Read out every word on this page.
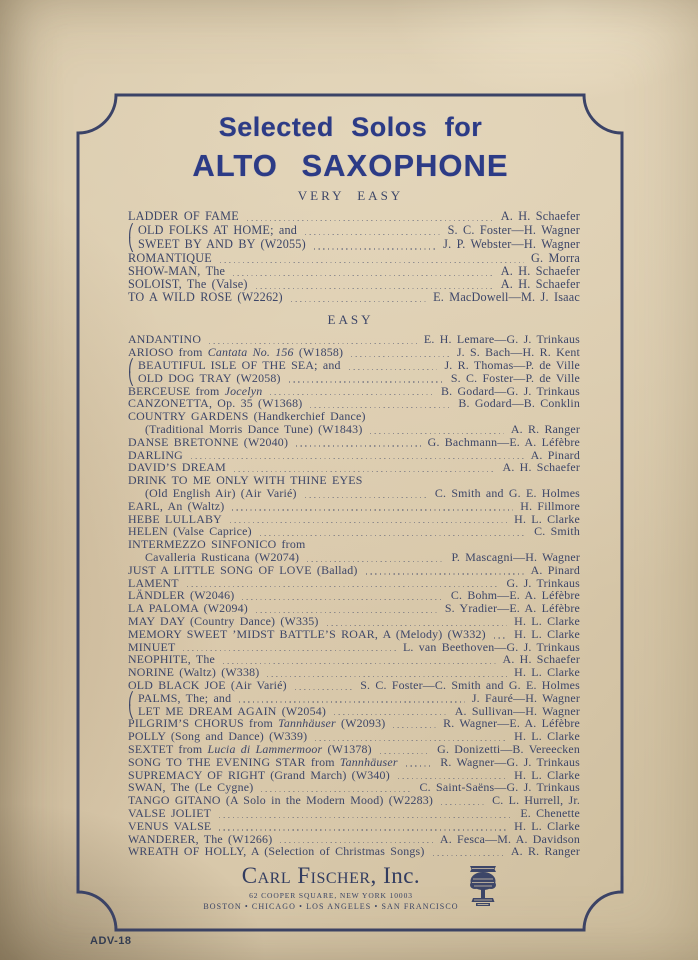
Selected Solos for
ALTO SAXOPHONE
VERY EASY
LADDER OF FAME	A. H. Schaefer
⎛ OLD FOLKS AT HOME; and	S. C. Foster—H. Wagner
⎝ SWEET BY AND BY (W2055)	J. P. Webster—H. Wagner
ROMANTIQUE	G. Morra
SHOW-MAN, The	A. H. Schaefer
SOLOIST, The (Valse)	A. H. Schaefer
TO A WILD ROSE (W2262)	E. MacDowell—M. J. Isaac
EASY
ANDANTINO	E. H. Lemare—G. J. Trinkaus
ARIOSO from Cantata No. 156 (W1858)	J. S. Bach—H. R. Kent
⎛ BEAUTIFUL ISLE OF THE SEA; and	J. R. Thomas—P. de Ville
⎝ OLD DOG TRAY (W2058)	S. C. Foster—P. de Ville
BERCEUSE from Jocelyn	B. Godard—G. J. Trinkaus
CANZONETTA, Op. 35 (W1368)	B. Godard—B. Conklin
COUNTRY GARDENS (Handkerchief Dance)
(Traditional Morris Dance Tune) (W1843)	A. R. Ranger
DANSE BRETONNE (W2040)	G. Bachmann—E. A. Léfèbre
DARLING	A. Pinard
DAVID’S DREAM	A. H. Schaefer
DRINK TO ME ONLY WITH THINE EYES
(Old English Air) (Air Varié)	C. Smith and G. E. Holmes
EARL, An (Waltz)	H. Fillmore
HEBE LULLABY	H. L. Clarke
HELEN (Valse Caprice)	C. Smith
INTERMEZZO SINFONICO from
Cavalleria Rusticana (W2074)	P. Mascagni—H. Wagner
JUST A LITTLE SONG OF LOVE (Ballad)	A. Pinard
LAMENT	G. J. Trinkaus
LÄNDLER (W2046)	C. Bohm—E. A. Léfèbre
LA PALOMA (W2094)	S. Yradier—E. A. Léfèbre
MAY DAY (Country Dance) (W335)	H. L. Clarke
MEMORY SWEET ’MIDST BATTLE’S ROAR, A (Melody) (W332) H. L. Clarke
MINUET	L. van Beethoven—G. J. Trinkaus
NEOPHITE, The	A. H. Schaefer
NORINE (Waltz) (W338)	H. L. Clarke
OLD BLACK JOE (Air Varié)	S. C. Foster—C. Smith and G. E. Holmes
⎛ PALMS, The; and	J. Fauré—H. Wagner
⎝ LET ME DREAM AGAIN (W2054)	A. Sullivan—H. Wagner
PILGRIM’S CHORUS from Tannhäuser (W2093)	R. Wagner—E. A. Léfèbre
POLLY (Song and Dance) (W339)	H. L. Clarke
SEXTET from Lucia di Lammermoor (W1378)	G. Donizetti—B. Vereecken
SONG TO THE EVENING STAR from Tannhäuser	R. Wagner—G. J. Trinkaus
SUPREMACY OF RIGHT (Grand March) (W340)	H. L. Clarke
SWAN, The (Le Cygne)	C. Saint-Saëns—G. J. Trinkaus
TANGO GITANO (A Solo in the Modern Mood) (W2283)	C. L. Hurrell, Jr.
VALSE JOLIET	E. Chenette
VENUS VALSE	H. L. Clarke
WANDERER, The (W1266)	A. Fesca—M. A. Davidson
WREATH OF HOLLY, A (Selection of Christmas Songs)	A. R. Ranger
Carl Fischer, Inc.
62 COOPER SQUARE, NEW YORK 10003
BOSTON • CHICAGO • LOS ANGELES • SAN FRANCISCO
ADV-18
